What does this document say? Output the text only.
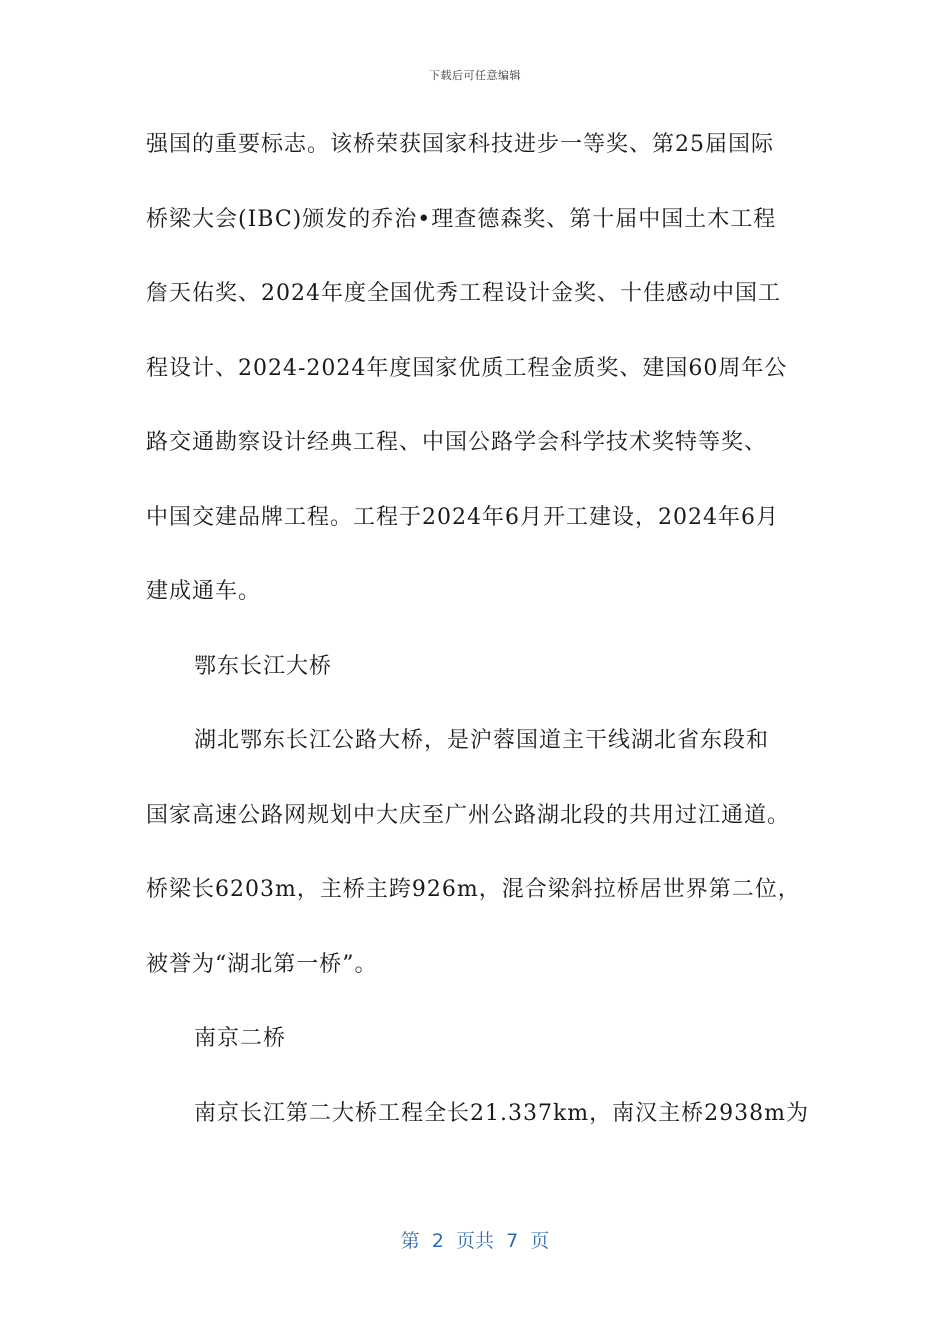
下载后可任意编辑
强国的重要标志。该桥荣获国家科技进步一等奖、第25届国际
桥梁大会(IBC)颁发的乔治•理查德森奖、第十届中国土木工程
詹天佑奖、2024年度全国优秀工程设计金奖、十佳感动中国工
程设计、2024-2024年度国家优质工程金质奖、建国60周年公
路交通勘察设计经典工程、中国公路学会科学技术奖特等奖、
中国交建品牌工程。工程于2024年6月开工建设，2024年6月
建成通车。
鄂东长江大桥
湖北鄂东长江公路大桥，是沪蓉国道主干线湖北省东段和
国家高速公路网规划中大庆至广州公路湖北段的共用过江通道。
桥梁长6203m，主桥主跨926m，混合梁斜拉桥居世界第二位，
被誉为“湖北第一桥”。
南京二桥
南京长江第二大桥工程全长21.337km，南汉主桥2938m为
第  2  页共  7  页
